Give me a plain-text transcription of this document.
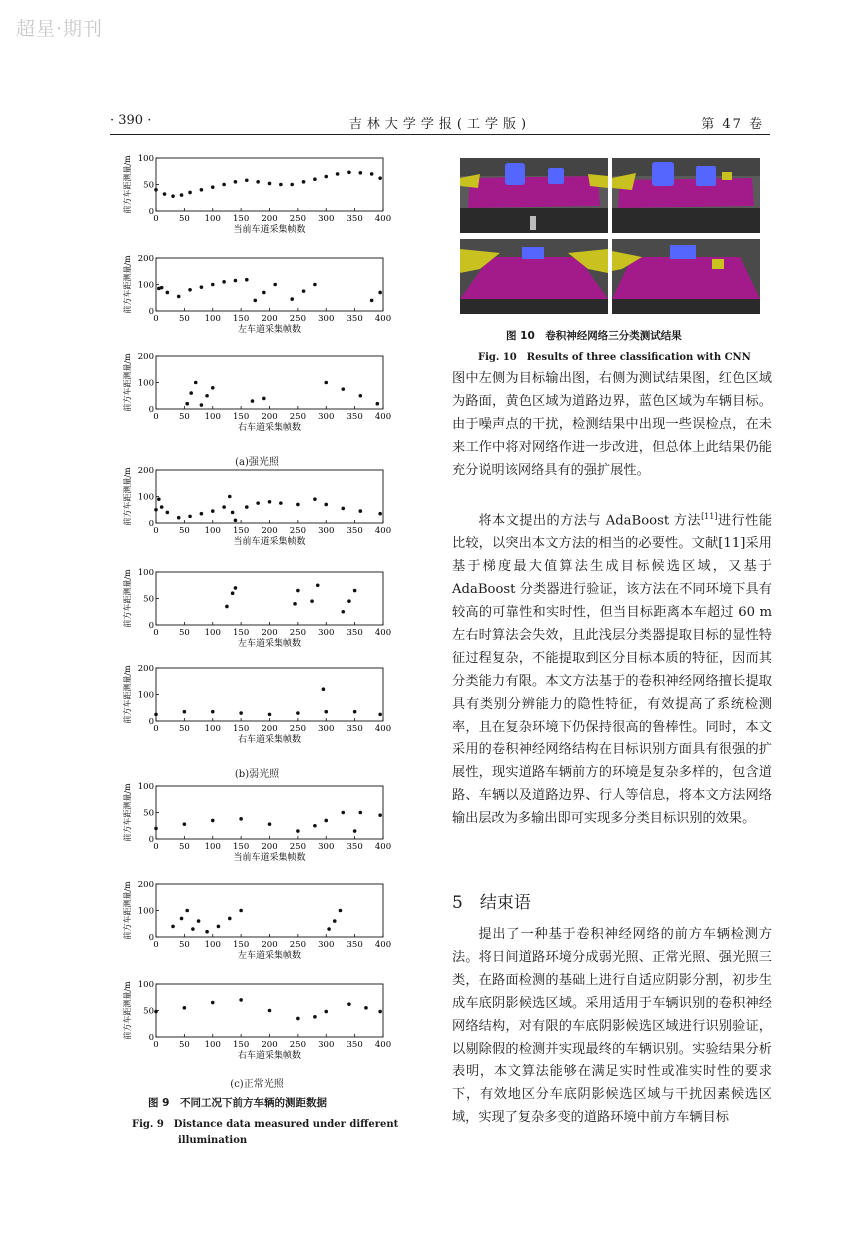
超星·期刊
· 390 ·	吉林大学学报(工学版)	第 47 卷
前方车距测量/m 0
50
100
0 50 100 150 200 250 300 350 400
当前车道采集帧数
前方车距测量/m 0
100
200
0 50 100 150 200 250 300 350 400
左车道采集帧数
前方车距测量/m 0
100
200
0 50 100 150 200 250 300 350 400
右车道采集帧数
前方车距测量/m 0
100
200
0 50 100 150 200 250 300 350 400
当前车道采集帧数
前方车距测量/m 0
50
100
0 50 100 150 200 250 300 350 400
左车道采集帧数
前方车距测量/m 0
100
200
0 50 100 150 200 250 300 350 400
右车道采集帧数
前方车距测量/m 0
50
100
0 50 100 150 200 250 300 350 400
当前车道采集帧数
前方车距测量/m 0
100
200
0 50 100 150 200 250 300 350 400
左车道采集帧数
前方车距测量/m 0
50
100
0 50 100 150 200 250 300 350 400
右车道采集帧数
(a)强光照
(b)弱光照
(c)正常光照
图 9　不同工况下前方车辆的测距数据
Fig. 9　Distance data measured under different
illumination
图 10　卷积神经网络三分类测试结果
Fig. 10　Results of three classification with CNN

图中左侧为目标输出图，右侧为测试结果图，红色区域为路面，黄色区域为道路边界，蓝色区域为车辆目标。由于噪声点的干扰，检测结果中出现一些误检点，在未来工作中将对网络作进一步改进，但总体上此结果仍能充分说明该网络具有的强扩展性。

将本文提出的方法与 AdaBoost 方法[11]进行性能比较，以突出本文方法的相当的必要性。文献[11]采用基于梯度最大值算法生成目标候选区域，又基于 AdaBoost 分类器进行验证，该方法在不同环境下具有较高的可靠性和实时性，但当目标距离本车超过 60 m 左右时算法会失效，且此浅层分类器提取目标的显性特征过程复杂，不能提取到区分目标本质的特征，因而其分类能力有限。本文方法基于的卷积神经网络擅长提取具有类别分辨能力的隐性特征，有效提高了系统检测率，且在复杂环境下仍保持很高的鲁棒性。同时，本文采用的卷积神经网络结构在目标识别方面具有很强的扩展性，现实道路车辆前方的环境是复杂多样的，包含道路、车辆以及道路边界、行人等信息，将本文方法网络输出层改为多输出即可实现多分类目标识别的效果。

5　结束语

提出了一种基于卷积神经网络的前方车辆检测方法。将日间道路环境分成弱光照、正常光照、强光照三类，在路面检测的基础上进行自适应阴影分割，初步生成车底阴影候选区域。采用适用于车辆识别的卷积神经网络结构，对有限的车底阴影候选区域进行识别验证，以剔除假的检测并实现最终的车辆识别。实验结果分析表明，本文算法能够在满足实时性或准实时性的要求下，有效地区分车底阴影候选区域与干扰因素候选区域，实现了复杂多变的道路环境中前方车辆目标
